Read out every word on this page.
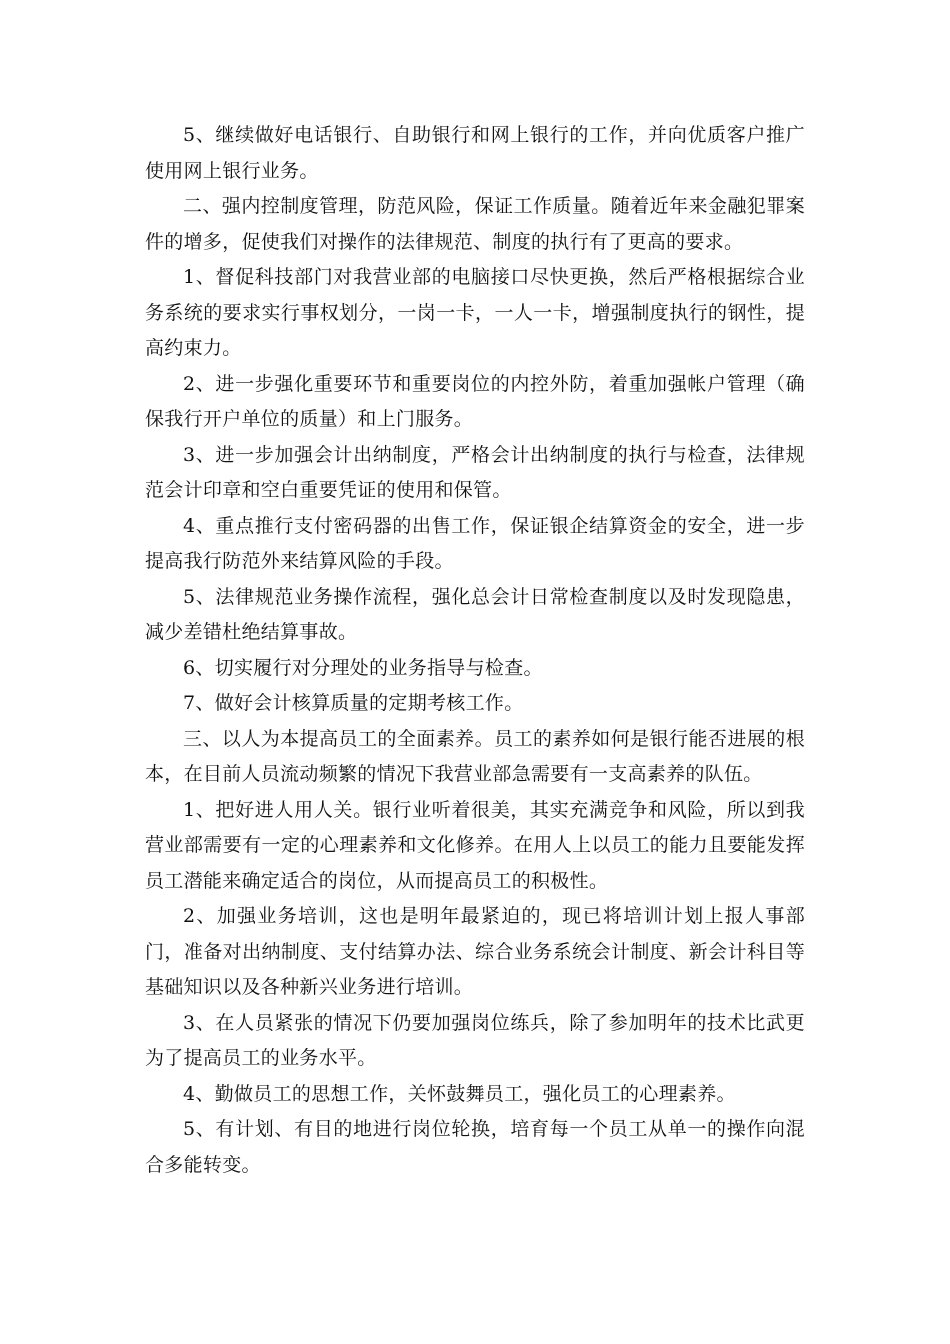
5、继续做好电话银行、自助银行和网上银行的工作，并向优质客户推广使用网上银行业务。

二、强内控制度管理，防范风险，保证工作质量。随着近年来金融犯罪案件的增多，促使我们对操作的法律规范、制度的执行有了更高的要求。

1、督促科技部门对我营业部的电脑接口尽快更换，然后严格根据综合业务系统的要求实行事权划分，一岗一卡，一人一卡，增强制度执行的钢性，提高约束力。

2、进一步强化重要环节和重要岗位的内控外防，着重加强帐户管理（确保我行开户单位的质量）和上门服务。

3、进一步加强会计出纳制度，严格会计出纳制度的执行与检查，法律规范会计印章和空白重要凭证的使用和保管。

4、重点推行支付密码器的出售工作，保证银企结算资金的安全，进一步提高我行防范外来结算风险的手段。

5、法律规范业务操作流程，强化总会计日常检查制度以及时发现隐患，减少差错杜绝结算事故。

6、切实履行对分理处的业务指导与检查。

7、做好会计核算质量的定期考核工作。

三、以人为本提高员工的全面素养。员工的素养如何是银行能否进展的根本，在目前人员流动频繁的情况下我营业部急需要有一支高素养的队伍。

1、把好进人用人关。银行业听着很美，其实充满竞争和风险，所以到我营业部需要有一定的心理素养和文化修养。在用人上以员工的能力且要能发挥员工潜能来确定适合的岗位，从而提高员工的积极性。

2、加强业务培训，这也是明年最紧迫的，现已将培训计划上报人事部门，准备对出纳制度、支付结算办法、综合业务系统会计制度、新会计科目等基础知识以及各种新兴业务进行培训。

3、在人员紧张的情况下仍要加强岗位练兵，除了参加明年的技术比武更为了提高员工的业务水平。

4、勤做员工的思想工作，关怀鼓舞员工，强化员工的心理素养。

5、有计划、有目的地进行岗位轮换，培育每一个员工从单一的操作向混合多能转变。
